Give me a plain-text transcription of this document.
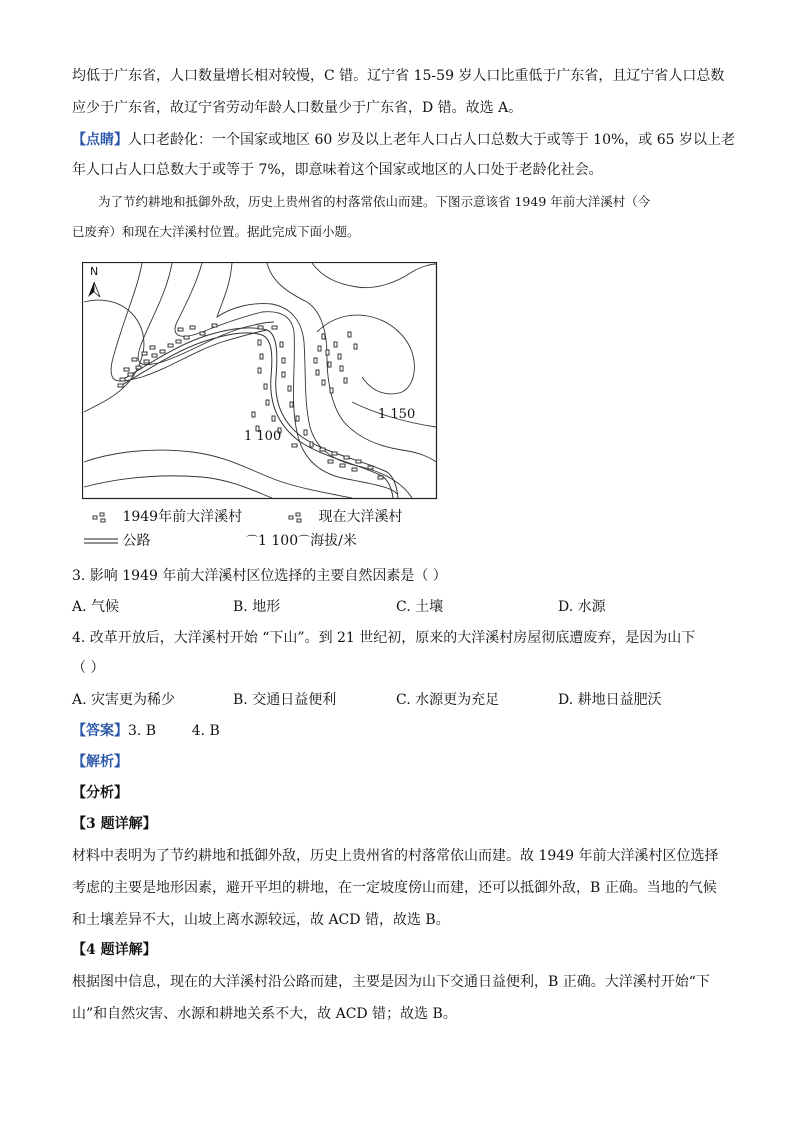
均低于广东省，人口数量增长相对较慢，C 错。辽宁省 15-59 岁人口比重低于广东省，且辽宁省人口总数
应少于广东省，故辽宁省劳动年龄人口数量少于广东省，D 错。故选 A。
【点睛】人口老龄化：一个国家或地区 60 岁及以上老年人口占人口总数大于或等于 10%，或 65 岁以上老
年人口占人口总数大于或等于 7%，即意味着这个国家或地区的人口处于老龄化社会。
为了节约耕地和抵御外敌，历史上贵州省的村落常依山而建。下图示意该省 1949 年前大洋溪村（今
已废弃）和现在大洋溪村位置。据此完成下面小题。
N
1 150
1 100
1949年前大洋溪村	现在大洋溪村
公路	⌒1 100⌒海拔/米
3. 影响 1949 年前大洋溪村区位选择的主要自然因素是（ ）
A. 气候	B. 地形	C. 土壤	D. 水源
4. 改革开放后，大洋溪村开始 “下山”。到 21 世纪初，原来的大洋溪村房屋彻底遭废弃，是因为山下
（ ）
A. 灾害更为稀少	B. 交通日益便利	C. 水源更为充足	D. 耕地日益肥沃
【答案】3. B        4. B
【解析】
【分析】
【3 题详解】
材料中表明为了节约耕地和抵御外敌，历史上贵州省的村落常依山而建。故 1949 年前大洋溪村区位选择
考虑的主要是地形因素，避开平坦的耕地，在一定坡度傍山而建，还可以抵御外敌，B 正确。当地的气候
和土壤差异不大，山坡上离水源较远，故 ACD 错，故选 B。
【4 题详解】
根据图中信息，现在的大洋溪村沿公路而建，主要是因为山下交通日益便利，B 正确。大洋溪村开始“下
山”和自然灾害、水源和耕地关系不大，故 ACD 错；故选 B。
